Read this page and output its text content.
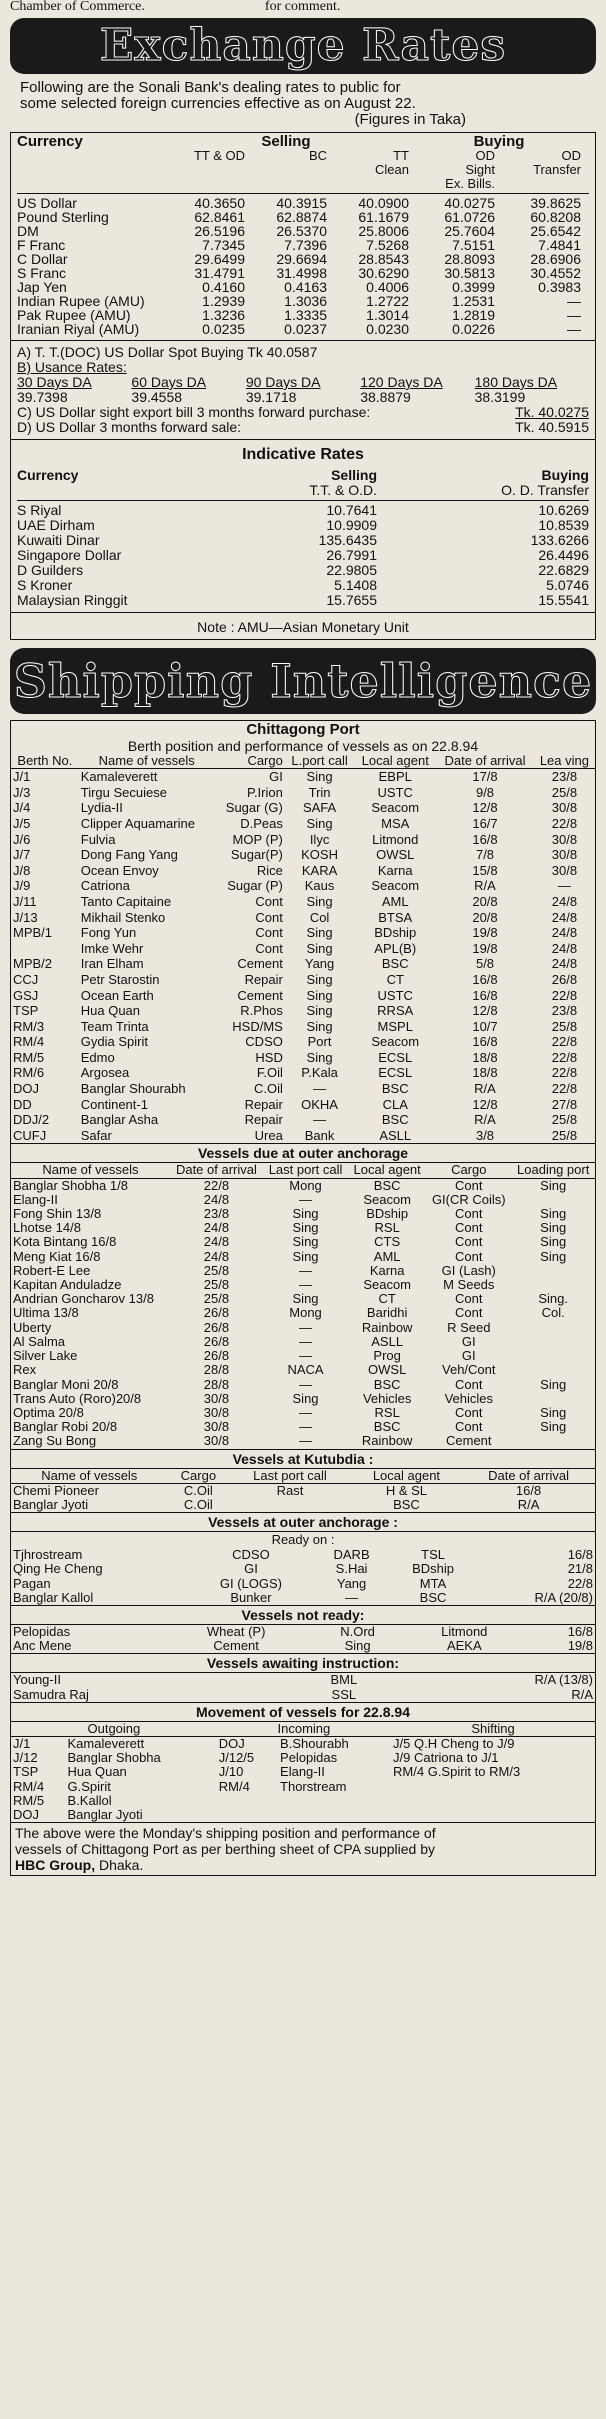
Chamber of Commerce.	for comment.
Exchange Rates
Following are the Sonali Bank's dealing rates to public for
some selected foreign currencies effective as on August 22.
(Figures in Taka)
Currency	Selling	Buying
TT & OD	BC	TT	OD	OD
Clean	Sight	Transfer
Ex. Bills.
US Dollar	40.3650	40.3915	40.0900	40.0275	39.8625
Pound Sterling	62.8461	62.8874	61.1679	61.0726	60.8208
DM	26.5196	26.5370	25.8006	25.7604	25.6542
F Franc	7.7345	7.7396	7.5268	7.5151	7.4841
C Dollar	29.6499	29.6694	28.8543	28.8093	28.6906
S Franc	31.4791	31.4998	30.6290	30.5813	30.4552
Jap Yen	0.4160	0.4163	0.4006	0.3999	0.3983
Indian Rupee (AMU)	1.2939	1.3036	1.2722	1.2531	—
Pak Rupee (AMU)	1.3236	1.3335	1.3014	1.2819	—
Iranian Riyal (AMU)	0.0235	0.0237	0.0230	0.0226	—
A) T. T.(DOC) US Dollar Spot Buying Tk 40.0587
B) Usance Rates:
30 Days DA	60 Days DA	90 Days DA	120 Days DA	180 Days DA
39.7398	39.4558	39.1718	38.8879	38.3199
C) US Dollar sight export bill 3 months forward purchase:	Tk. 40.0275
D) US Dollar 3 months forward sale:	Tk. 40.5915
Indicative Rates
Currency	Selling	Buying
T.T. & O.D.	O. D. Transfer
S Riyal	10.7641	10.6269
UAE Dirham	10.9909	10.8539
Kuwaiti Dinar	135.6435	133.6266
Singapore Dollar	26.7991	26.4496
D Guilders	22.9805	22.6829
S Kroner	5.1408	5.0746
Malaysian Ringgit	15.7655	15.5541
Note : AMU—Asian Monetary Unit
Shipping Intelligence
Chittagong Port
Berth position and performance of vessels as on 22.8.94
Berth No.	Name of vessels	Cargo	L.port call	Local agent	Date of arrival	Lea ving
J/1	Kamaleverett	GI	Sing	EBPL	17/8	23/8
J/3	Tirgu Secuiese	P.Irion	Trin	USTC	9/8	25/8
J/4	Lydia-II	Sugar (G)	SAFA	Seacom	12/8	30/8
J/5	Clipper Aquamarine	D.Peas	Sing	MSA	16/7	22/8
J/6	Fulvia	MOP (P)	Ilyc	Litmond	16/8	30/8
J/7	Dong Fang Yang	Sugar(P)	KOSH	OWSL	7/8	30/8
J/8	Ocean Envoy	Rice	KARA	Karna	15/8	30/8
J/9	Catriona	Sugar (P)	Kaus	Seacom	R/A	—
J/11	Tanto Capitaine	Cont	Sing	AML	20/8	24/8
J/13	Mikhail Stenko	Cont	Col	BTSA	20/8	24/8
MPB/1	Fong Yun	Cont	Sing	BDship	19/8	24/8
	Imke Wehr	Cont	Sing	APL(B)	19/8	24/8
MPB/2	Iran Elham	Cement	Yang	BSC	5/8	24/8
CCJ	Petr Starostin	Repair	Sing	CT	16/8	26/8
GSJ	Ocean Earth	Cement	Sing	USTC	16/8	22/8
TSP	Hua Quan	R.Phos	Sing	RRSA	12/8	23/8
RM/3	Team Trinta	HSD/MS	Sing	MSPL	10/7	25/8
RM/4	Gydia Spirit	CDSO	Port	Seacom	16/8	22/8
RM/5	Edmo	HSD	Sing	ECSL	18/8	22/8
RM/6	Argosea	F.Oil	P.Kala	ECSL	18/8	22/8
DOJ	Banglar Shourabh	C.Oil	—	BSC	R/A	22/8
DD	Continent-1	Repair	OKHA	CLA	12/8	27/8
DDJ/2	Banglar Asha	Repair	—	BSC	R/A	25/8
CUFJ	Safar	Urea	Bank	ASLL	3/8	25/8
Vessels due at outer anchorage
Name of vessels	Date of arrival	Last port call	Local agent	Cargo	Loading port
Banglar Shobha 1/8	22/8	Mong	BSC	Cont	Sing
Elang-II	24/8	—	Seacom	GI(CR Coils)	
Fong Shin 13/8	23/8	Sing	BDship	Cont	Sing
Lhotse 14/8	24/8	Sing	RSL	Cont	Sing
Kota Bintang 16/8	24/8	Sing	CTS	Cont	Sing
Meng Kiat 16/8	24/8	Sing	AML	Cont	Sing
Robert-E Lee	25/8	—	Karna	GI (Lash)	
Kapitan Anduladze	25/8	—	Seacom	M Seeds	
Andrian Goncharov 13/8	25/8	Sing	CT	Cont	Sing.
Ultima 13/8	26/8	Mong	Baridhi	Cont	Col.
Uberty	26/8	—	Rainbow	R Seed	
Al Salma	26/8	—	ASLL	GI	
Silver Lake	26/8	—	Prog	GI	
Rex	28/8	NACA	OWSL	Veh/Cont	
Banglar Moni 20/8	28/8	—	BSC	Cont	Sing
Trans Auto (Roro)20/8	30/8	Sing	Vehicles	Vehicles	
Optima 20/8	30/8	—	RSL	Cont	Sing
Banglar Robi 20/8	30/8	—	BSC	Cont	Sing
Zang Su Bong	30/8	—	Rainbow	Cement	
Vessels at Kutubdia :
Name of vessels	Cargo	Last port call	Local agent	Date of arrival
Chemi Pioneer	C.Oil	Rast	H & SL	16/8
Banglar Jyoti	C.Oil		BSC	R/A
Vessels at outer anchorage :
Ready on :
Tjhrostream	CDSO	DARB	TSL	16/8
Qing He Cheng	GI	S.Hai	BDship	21/8
Pagan	GI (LOGS)	Yang	MTA	22/8
Banglar Kallol	Bunker	—	BSC	R/A (20/8)
Vessels not ready:
Pelopidas	Wheat (P)	N.Ord	Litmond	16/8
Anc Mene	Cement	Sing	AEKA	19/8
Vessels awaiting instruction:
Young-II			BML	R/A (13/8)
Samudra Raj			SSL	R/A
Movement of vessels for 22.8.94
Outgoing		Incoming		Shifting
J/1	Kamaleverett	DOJ	B.Shourabh	J/5 Q.H Cheng to J/9
J/12	Banglar Shobha	J/12/5	Pelopidas	J/9 Catriona to J/1
TSP	Hua Quan	J/10	Elang-II	RM/4 G.Spirit to RM/3
RM/4	G.Spirit	RM/4	Thorstream	
RM/5	B.Kallol			
DOJ	Banglar Jyoti			
The above were the Monday's shipping position and performance of
vessels of Chittagong Port as per berthing sheet of CPA supplied by
HBC Group, Dhaka.
